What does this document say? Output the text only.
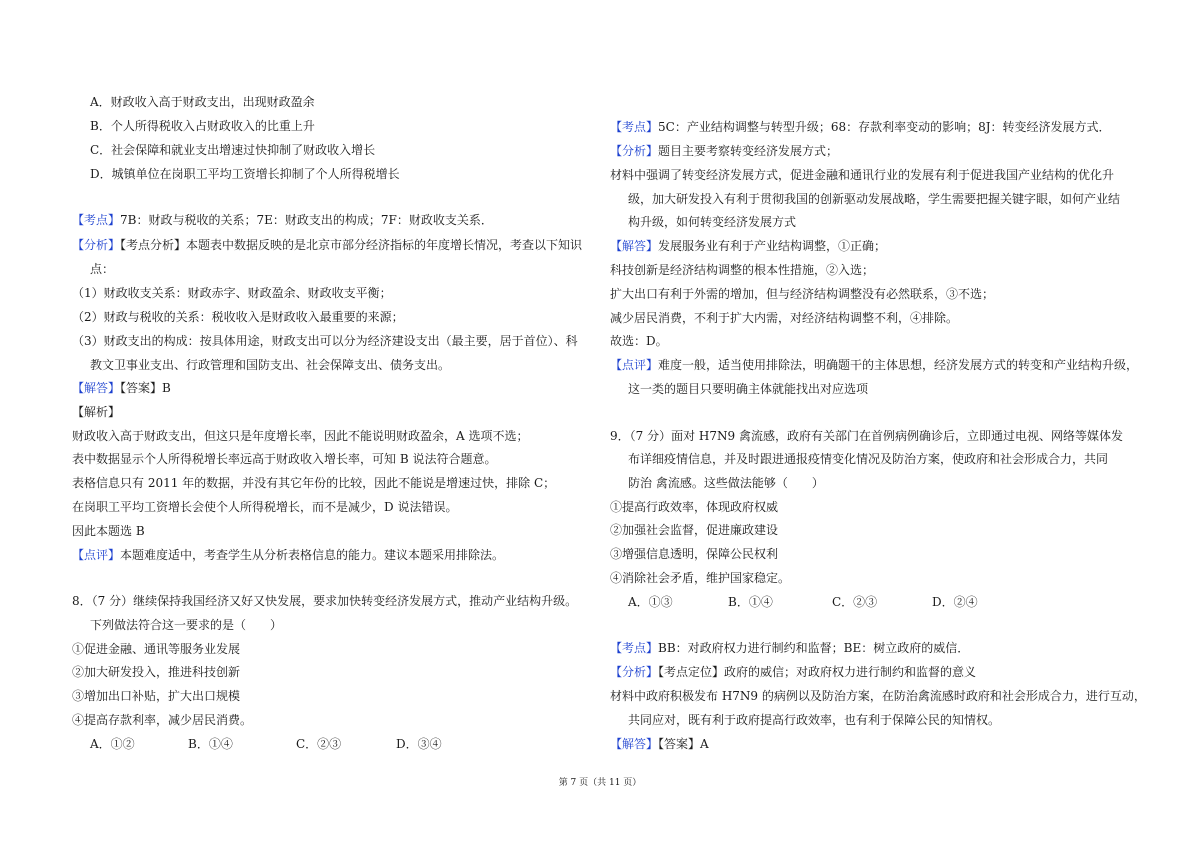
A．财政收入高于财政支出，出现财政盈余
B．个人所得税收入占财政收入的比重上升
C．社会保障和就业支出增速过快抑制了财政收入增长
D．城镇单位在岗职工平均工资增长抑制了个人所得税增长
【考点】7B：财政与税收的关系；7E：财政支出的构成；7F：财政收支关系．
【分析】【考点分析】本题表中数据反映的是北京市部分经济指标的年度增长情况，考查以下知识
点：
（1）财政收支关系：财政赤字、财政盈余、财政收支平衡；
（2）财政与税收的关系：税收收入是财政收入最重要的来源；
（3）财政支出的构成：按具体用途，财政支出可以分为经济建设支出（最主要，居于首位）、科
教文卫事业支出、行政管理和国防支出、社会保障支出、债务支出。
【解答】【答案】B
【解析】
财政收入高于财政支出，但这只是年度增长率，因此不能说明财政盈余，A 选项不选；
表中数据显示个人所得税增长率远高于财政收入增长率，可知 B 说法符合题意。
表格信息只有 2011 年的数据，并没有其它年份的比较，因此不能说是增速过快，排除 C；
在岗职工平均工资增长会使个人所得税增长，而不是减少，D 说法错误。
因此本题选 B
【点评】本题难度适中，考查学生从分析表格信息的能力。建议本题采用排除法。
8．（7 分）继续保持我国经济又好又快发展，要求加快转变经济发展方式，推动产业结构升级。
下列做法符合这一要求的是（　　）
①促进金融、通讯等服务业发展
②加大研发投入，推进科技创新
③增加出口补贴，扩大出口规模
④提高存款利率，减少居民消费。
A．①②	B．①④	C．②③	D．③④
【考点】5C：产业结构调整与转型升级；68：存款利率变动的影响；8J：转变经济发展方式．
【分析】题目主要考察转变经济发展方式；
材料中强调了转变经济发展方式，促进金融和通讯行业的发展有利于促进我国产业结构的优化升
级，加大研发投入有利于贯彻我国的创新驱动发展战略，学生需要把握关键字眼，如何产业结
构升级，如何转变经济发展方式
【解答】发展服务业有利于产业结构调整，①正确；
科技创新是经济结构调整的根本性措施，②入选；
扩大出口有利于外需的增加，但与经济结构调整没有必然联系，③不选；
减少居民消费，不利于扩大内需，对经济结构调整不利，④排除。
故选：D。
【点评】难度一般，适当使用排除法，明确题干的主体思想，经济发展方式的转变和产业结构升级，
这一类的题目只要明确主体就能找出对应选项
9．（7 分）面对 H7N9 禽流感，政府有关部门在首例病例确诊后，立即通过电视、网络等媒体发
布详细疫情信息，并及时跟进通报疫情变化情况及防治方案，使政府和社会形成合力，共同
防治 禽流感。这些做法能够（　　）
①提高行政效率，体现政府权威
②加强社会监督，促进廉政建设
③增强信息透明，保障公民权利
④消除社会矛盾，维护国家稳定。
A．①③	B．①④	C．②③	D．②④
【考点】BB：对政府权力进行制约和监督；BE：树立政府的威信．
【分析】【考点定位】政府的威信；对政府权力进行制约和监督的意义
材料中政府积极发布 H7N9 的病例以及防治方案，在防治禽流感时政府和社会形成合力，进行互动，
共同应对，既有利于政府提高行政效率，也有利于保障公民的知情权。
【解答】【答案】A
第 7 页（共 11 页）
